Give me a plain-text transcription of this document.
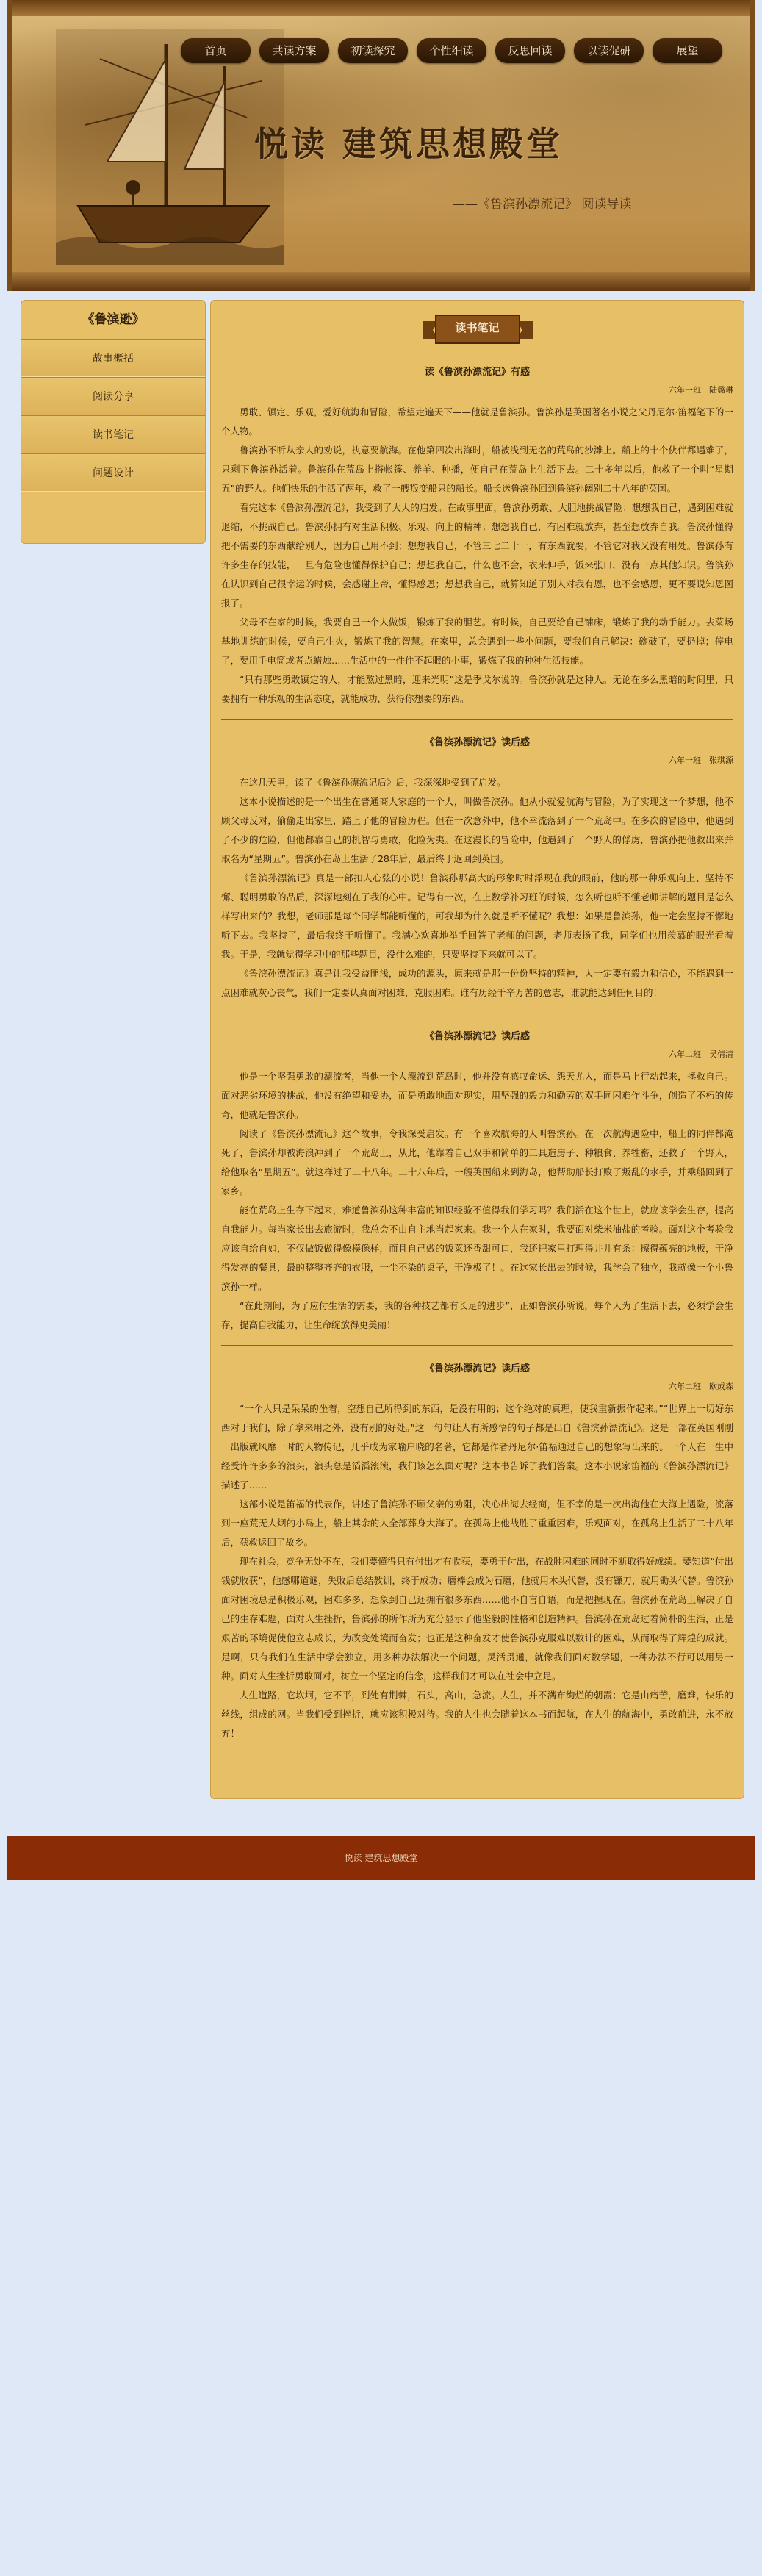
首页	共读方案	初读探究	个性细读	反思回读	以读促研	展望
悦读 建筑思想殿堂
——《鲁滨孙漂流记》 阅读导读
《鲁滨逊》
故事概括
阅读分享
读书笔记
问题设计
读书笔记
读《鲁滨孙漂流记》有感
六年一班　陆璐琳

勇敢、镇定、乐观，爱好航海和冒险，希望走遍天下——他就是鲁滨孙。鲁滨孙是英国著名小说之父丹尼尔·笛福笔下的一个人物。

鲁滨孙不听从亲人的劝说，执意要航海。在他第四次出海时，船被浅到无名的荒岛的沙滩上。船上的十个伙伴都遇难了，只剩下鲁滨孙活着。鲁滨孙在荒岛上搭帐篷、养羊、种播，便自己在荒岛上生活下去。二十多年以后，他救了一个叫“星期五”的野人。他们快乐的生活了两年，救了一艘叛变船只的船长。船长送鲁滨孙回到鲁滨孙阔别二十八年的英国。

看完这本《鲁滨孙漂流记》，我受到了大大的启发。在故事里面，鲁滨孙勇敢、大胆地挑战冒险；想想我自己，遇到困难就退缩，不挑战自己。鲁滨孙拥有对生活积极、乐观、向上的精神；想想我自己，有困难就放弃，甚至想放弃自我。鲁滨孙懂得把不需要的东西献给别人，因为自己用不到；想想我自己，不管三七二十一，有东西就要，不管它对我又没有用处。鲁滨孙有许多生存的技能，一旦有危险也懂得保护自己；想想我自己，什么也不会，衣来伸手，饭来张口，没有一点其他知识。鲁滨孙在认识到自己很幸运的时候，会感谢上帝，懂得感恩；想想我自己，就算知道了别人对我有恩，也不会感恩，更不要说知恩图报了。

父母不在家的时候，我要自己一个人做饭，锻炼了我的胆艺。有时候，自己要给自己铺床，锻炼了我的动手能力。去菜场基地训练的时候，要自己生火，锻炼了我的智慧。在家里，总会遇到一些小问题，要我们自己解决：碗破了，要扔掉；停电了，要用手电筒或者点蜡烛……生活中的一件件不起眼的小事，锻炼了我的种种生活技能。

“只有那些勇敢镇定的人，才能熬过黑暗，迎来光明”这是季戈尔说的。鲁滨孙就是这种人。无论在多么黑暗的时间里，只要拥有一种乐观的生活态度，就能成功，获得你想要的东西。

《鲁滨孙漂流记》读后感
六年一班　张琪源

在这几天里，读了《鲁滨孙漂流记后》后，我深深地受到了启发。

这本小说描述的是一个出生在普通商人家庭的一个人，叫做鲁滨孙。他从小就爱航海与冒险，为了实现这一个梦想，他不顾父母反对，偷偷走出家里，踏上了他的冒险历程。但在一次意外中，他不幸流落到了一个荒岛中。在多次的冒险中，他遇到了不少的危险，但他都靠自己的机智与勇敢，化险为夷。在这漫长的冒险中，他遇到了一个野人的俘虏，鲁滨孙把他救出来并取名为“星期五”。鲁滨孙在岛上生活了28年后，最后终于返回到英国。

《鲁滨孙漂流记》真是一部扣人心弦的小说！鲁滨孙那高大的形象时时浮现在我的眼前，他的那一种乐观向上、坚持不懈、聪明勇敢的品质，深深地刻在了我的心中。记得有一次，在上数学补习班的时候，怎么听也听不懂老师讲解的题目是怎么样写出来的？我想，老师那是每个同学都能听懂的，可我却为什么就是听不懂呢？我想：如果是鲁滨孙，他一定会坚持不懈地听下去。我坚持了，最后我终于听懂了。我满心欢喜地举手回答了老师的问题，老师表扬了我，同学们也用羡慕的眼光看着我。于是，我就觉得学习中的那些题目，没什么难的，只要坚持下来就可以了。

《鲁滨孙漂流记》真是让我受益匪浅，成功的源头，原来就是那一份份坚持的精神，人一定要有毅力和信心，不能遇到一点困难就灰心丧气，我们一定要认真面对困难，克服困难。谁有历经千辛万苦的意志，谁就能达到任何目的！

《鲁滨孙漂流记》读后感
六年二班　吴倩清

他是一个坚强勇敢的漂流者，当他一个人漂流到荒岛时，他并没有感叹命运、怨天尤人，而是马上行动起来，拯救自己。面对恶劣环境的挑战，他没有绝望和妥协，而是勇敢地面对现实，用坚强的毅力和勤劳的双手同困难作斗争，创造了不朽的传奇，他就是鲁滨孙。

阅读了《鲁滨孙漂流记》这个故事，令我深受启发。有一个喜欢航海的人叫鲁滨孙。在一次航海遇险中，船上的同伴都淹死了，鲁滨孙却被海浪冲到了一个荒岛上，从此，他靠着自己双手和简单的工具造房子、种粮食、养牲畜，还救了一个野人，给他取名“星期五”。就这样过了二十八年。二十八年后，一艘英国船来到海岛，他帮助船长打败了叛乱的水手，并乘船回到了家乡。

能在荒岛上生存下起来，难道鲁滨孙这种丰富的知识经验不值得我们学习吗？我们活在这个世上，就应该学会生存，提高自我能力。每当家长出去旅游时，我总会不由自主地当起家来。我一个人在家时，我要面对柴米油盐的考验。面对这个考验我应该自给自如，不仅做饭做得像模像样，而且自己做的饭菜还香甜可口，我还把家里打理得井井有条：擦得蕴亮的地板，干净得发亮的餐具，最的整整齐齐的衣服，一尘不染的桌子，干净极了！。在这家长出去的时候，我学会了独立，我就像一个小鲁滨孙一样。

“在此期间，为了应付生活的需要，我的各种技艺都有长足的进步”，正如鲁滨孙所说，每个人为了生活下去，必须学会生存，提高自我能力，让生命绽放得更美丽！

《鲁滨孙漂流记》读后感
六年二班　欧成森

“一个人只是呆呆的坐着，空想自己所得到的东西，是没有用的；这个绝对的真理，使我重新振作起来。”“世界上一切好东西对于我们，除了拿来用之外，没有别的好处。”这一句句让人有所感悟的句子都是出自《鲁滨孙漂流记》。这是一部在英国刚刚一出版就风靡一时的人物传记，几乎成为家喻户晓的名著，它都是作者丹尼尔·笛福通过自己的想象写出来的。一个人在一生中经受许许多多的浪头，浪头总是滔滔滚滚，我们该怎么面对呢？这本书告诉了我们答案。这本小说家笛福的《鲁滨孙漂流记》描述了……

这部小说是笛福的代表作，讲述了鲁滨孙不顾父亲的劝阻，决心出海去经商，但不幸的是一次出海他在大海上遇险，流落到一座荒无人烟的小岛上，船上其余的人全部葬身大海了。在孤岛上他战胜了重重困难，乐观面对，在孤岛上生活了二十八年后，获救返回了故乡。

现在社会，竞争无处不在，我们要懂得只有付出才有收获，要勇于付出，在战胜困难的同时不断取得好成绩。要知道“付出钱就收获”，他感哪道谜，失败后总结教训，终于成功；磨棒会成为石磨，他就用木头代替，没有镰刀，就用锄头代替。鲁滨孙面对困境总是积极乐观，困难多多，想象到自己还拥有很多东西……他不自言自语，而是把握现在。鲁滨孙在荒岛上解决了自己的生存难题，面对人生挫折，鲁滨孙的所作所为充分显示了他坚毅的性格和创造精神。鲁滨孙在荒岛过着简朴的生活，正是艰苦的环境促使他立志成长，为改变处境而奋发；也正是这种奋发才使鲁滨孙克服难以数计的困难，从而取得了辉煌的成就。是啊，只有我们在生活中学会独立，用多种办法解决一个问题，灵活贯通，就像我们面对数学题，一种办法不行可以用另一种。面对人生挫折勇敢面对，树立一个坚定的信念，这样我们才可以在社会中立足。

人生道路，它坎坷，它不平，到处有荆棘，石头，高山，急流。人生，并不满布绚烂的朝霞；它是由痛苦，磨难，快乐的丝线，组成的网。当我们受到挫折，就应该积极对待。我的人生也会随着这本书而起航，在人生的航海中，勇敢前进，永不放弃！

悦读 建筑思想殿堂
